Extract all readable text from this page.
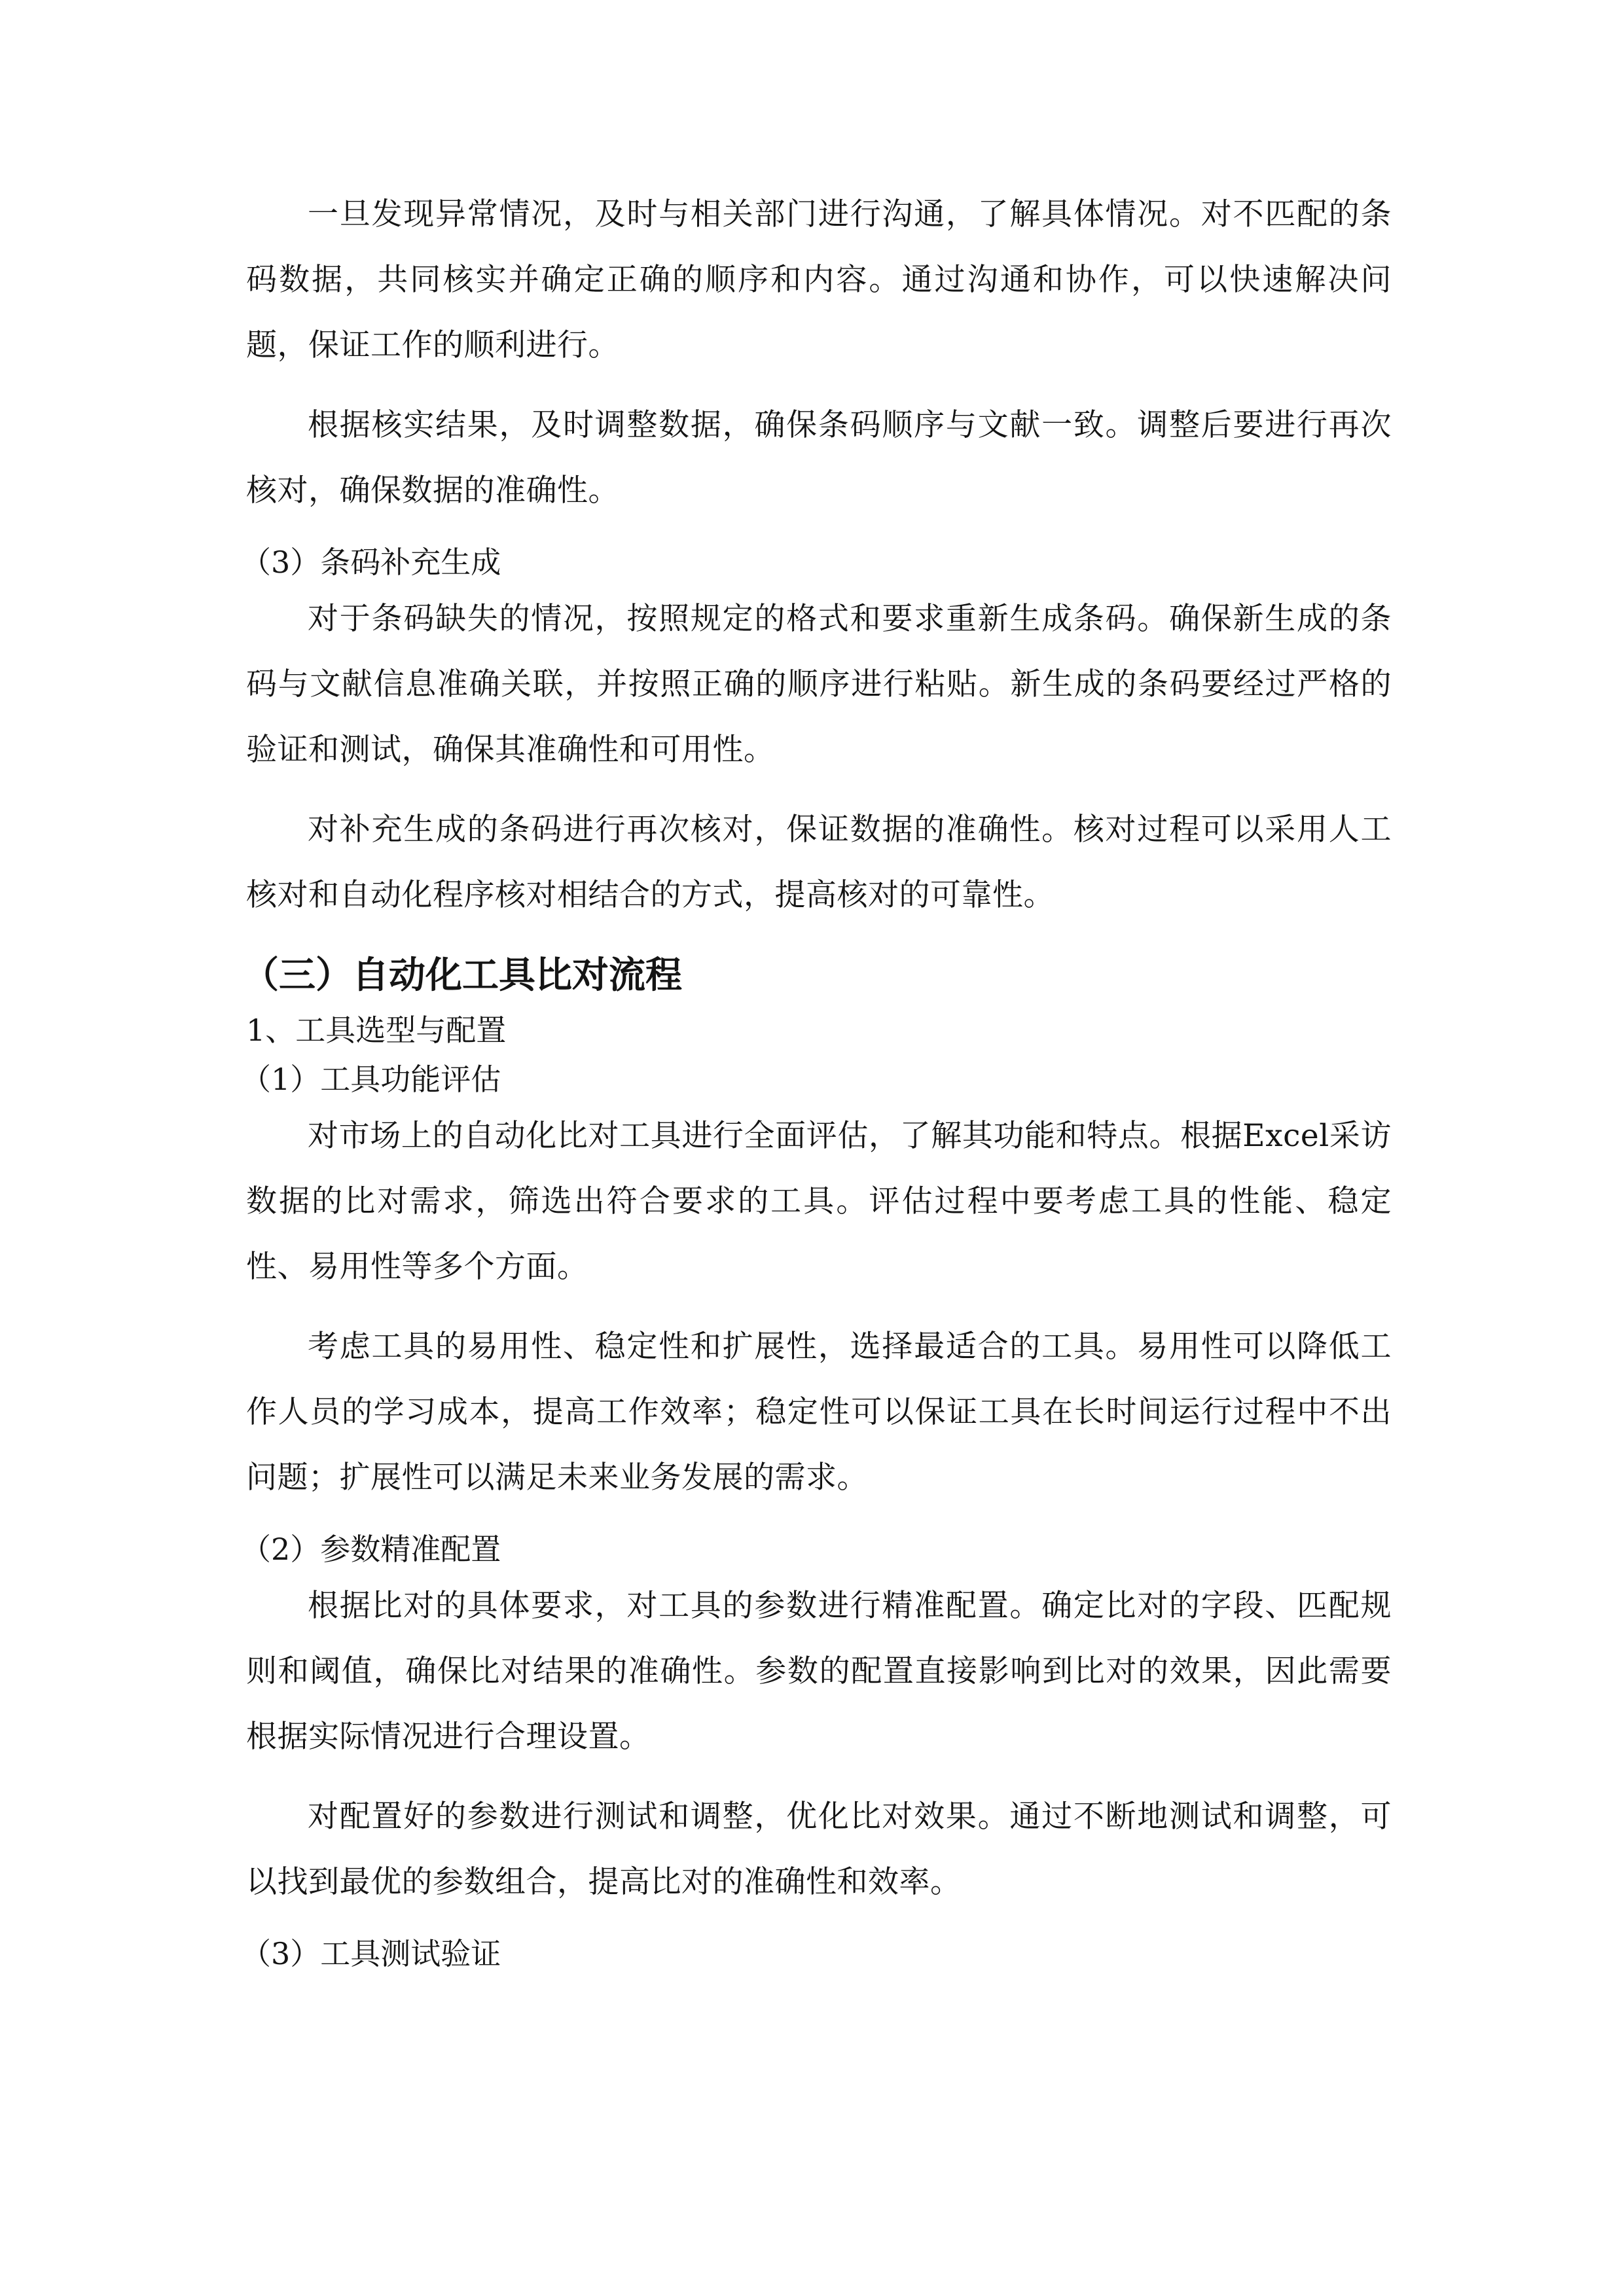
一旦发现异常情况，及时与相关部门进行沟通，了解具体情况。对不匹配的条码数据，共同核实并确定正确的顺序和内容。通过沟通和协作，可以快速解决问题，保证工作的顺利进行。

根据核实结果，及时调整数据，确保条码顺序与文献一致。调整后要进行再次核对，确保数据的准确性。

（3）条码补充生成

对于条码缺失的情况，按照规定的格式和要求重新生成条码。确保新生成的条码与文献信息准确关联，并按照正确的顺序进行粘贴。新生成的条码要经过严格的验证和测试，确保其准确性和可用性。

对补充生成的条码进行再次核对，保证数据的准确性。核对过程可以采用人工核对和自动化程序核对相结合的方式，提高核对的可靠性。

（三）自动化工具比对流程

1、工具选型与配置

（1）工具功能评估

对市场上的自动化比对工具进行全面评估，了解其功能和特点。根据Excel采访数据的比对需求，筛选出符合要求的工具。评估过程中要考虑工具的性能、稳定性、易用性等多个方面。

考虑工具的易用性、稳定性和扩展性，选择最适合的工具。易用性可以降低工作人员的学习成本，提高工作效率；稳定性可以保证工具在长时间运行过程中不出问题；扩展性可以满足未来业务发展的需求。

（2）参数精准配置

根据比对的具体要求，对工具的参数进行精准配置。确定比对的字段、匹配规则和阈值，确保比对结果的准确性。参数的配置直接影响到比对的效果，因此需要根据实际情况进行合理设置。

对配置好的参数进行测试和调整，优化比对效果。通过不断地测试和调整，可以找到最优的参数组合，提高比对的准确性和效率。

（3）工具测试验证
